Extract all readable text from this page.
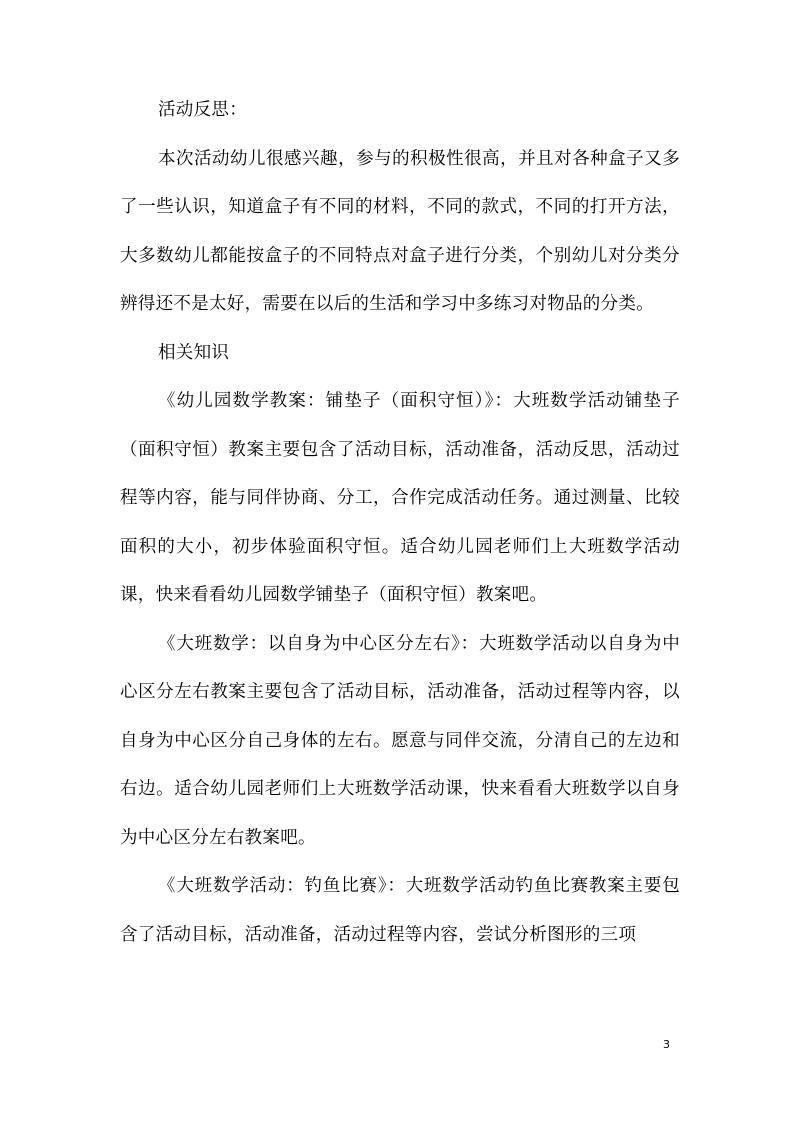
活动反思：

本次活动幼儿很感兴趣，参与的积极性很高，并且对各种盒子又多了一些认识，知道盒子有不同的材料，不同的款式，不同的打开方法，大多数幼儿都能按盒子的不同特点对盒子进行分类，个别幼儿对分类分辨得还不是太好，需要在以后的生活和学习中多练习对物品的分类。

相关知识

《幼儿园数学教案：铺垫子（面积守恒）》：大班数学活动铺垫子（面积守恒）教案主要包含了活动目标，活动准备，活动反思，活动过程等内容，能与同伴协商、分工，合作完成活动任务。通过测量、比较面积的大小，初步体验面积守恒。适合幼儿园老师们上大班数学活动课，快来看看幼儿园数学铺垫子（面积守恒）教案吧。

《大班数学：以自身为中心区分左右》：大班数学活动以自身为中心区分左右教案主要包含了活动目标，活动准备，活动过程等内容，以自身为中心区分自己身体的左右。愿意与同伴交流，分清自己的左边和右边。适合幼儿园老师们上大班数学活动课，快来看看大班数学以自身为中心区分左右教案吧。

《大班数学活动：钓鱼比赛》：大班数学活动钓鱼比赛教案主要包含了活动目标，活动准备，活动过程等内容，尝试分析图形的三项

3
